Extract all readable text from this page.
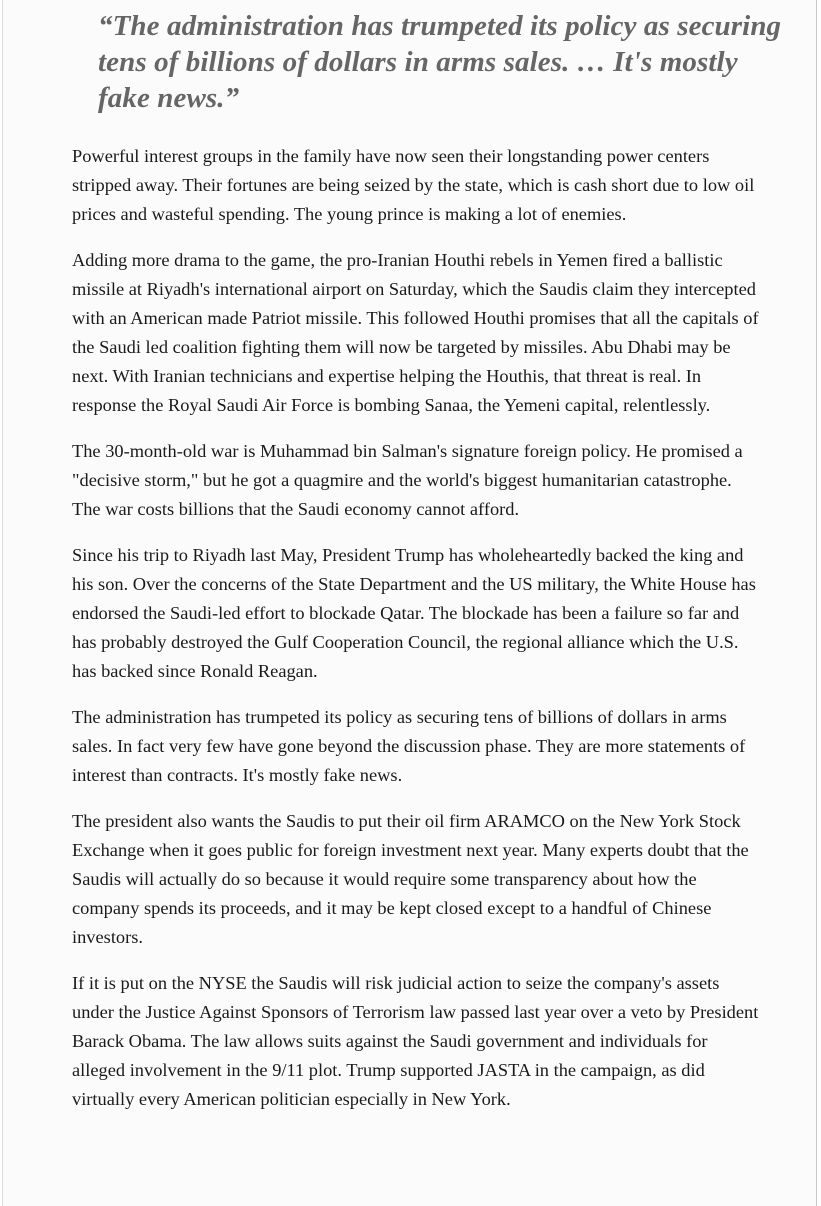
“The administration has trumpeted its policy as securing tens of billions of dollars in arms sales. … It's mostly fake news.”

Powerful interest groups in the family have now seen their longstanding power centers stripped away. Their fortunes are being seized by the state, which is cash short due to low oil prices and wasteful spending. The young prince is making a lot of enemies.

Adding more drama to the game, the pro-Iranian Houthi rebels in Yemen fired a ballistic missile at Riyadh's international airport on Saturday, which the Saudis claim they intercepted with an American made Patriot missile. This followed Houthi promises that all the capitals of the Saudi led coalition fighting them will now be targeted by missiles. Abu Dhabi may be next. With Iranian technicians and expertise helping the Houthis, that threat is real. In response the Royal Saudi Air Force is bombing Sanaa, the Yemeni capital, relentlessly.

The 30-month-old war is Muhammad bin Salman's signature foreign policy. He promised a "decisive storm," but he got a quagmire and the world's biggest humanitarian catastrophe. The war costs billions that the Saudi economy cannot afford.

Since his trip to Riyadh last May, President Trump has wholeheartedly backed the king and his son. Over the concerns of the State Department and the US military, the White House has endorsed the Saudi-led effort to blockade Qatar. The blockade has been a failure so far and has probably destroyed the Gulf Cooperation Council, the regional alliance which the U.S. has backed since Ronald Reagan.

The administration has trumpeted its policy as securing tens of billions of dollars in arms sales. In fact very few have gone beyond the discussion phase. They are more statements of interest than contracts. It's mostly fake news.

The president also wants the Saudis to put their oil firm ARAMCO on the New York Stock Exchange when it goes public for foreign investment next year. Many experts doubt that the Saudis will actually do so because it would require some transparency about how the company spends its proceeds, and it may be kept closed except to a handful of Chinese investors.

If it is put on the NYSE the Saudis will risk judicial action to seize the company's assets under the Justice Against Sponsors of Terrorism law passed last year over a veto by President Barack Obama. The law allows suits against the Saudi government and individuals for alleged involvement in the 9/11 plot. Trump supported JASTA in the campaign, as did virtually every American politician especially in New York.
